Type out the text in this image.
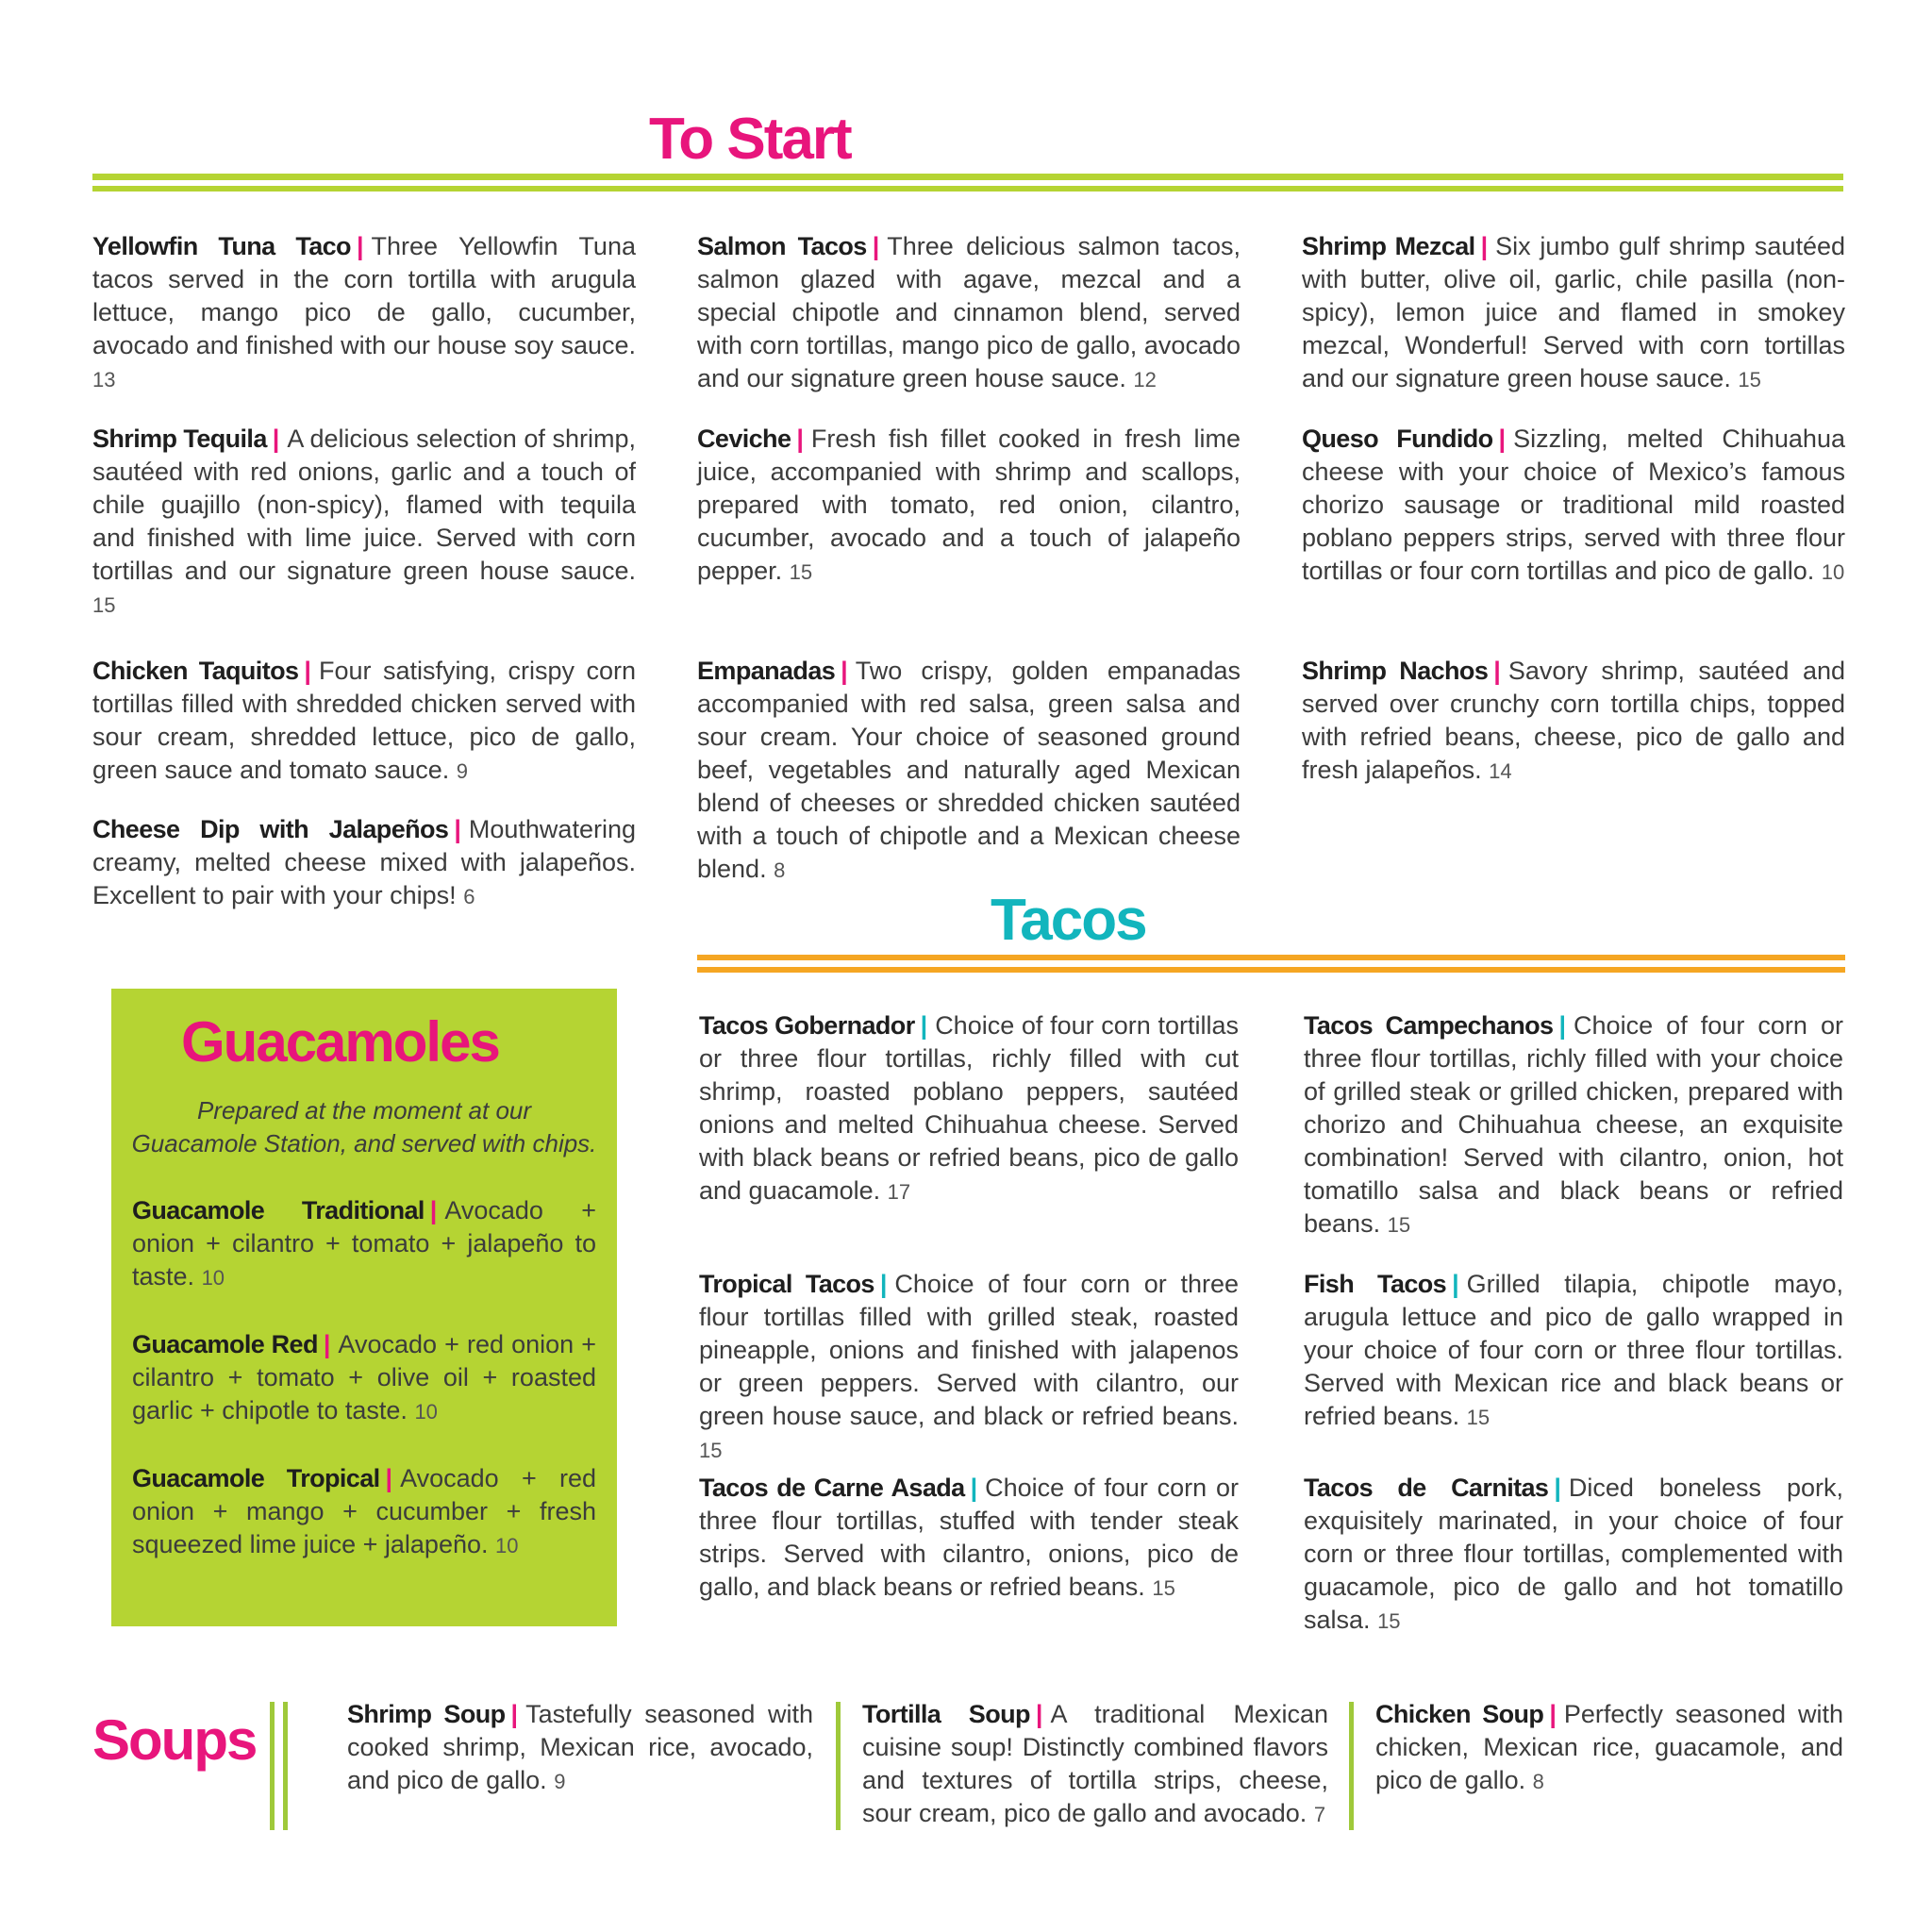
To Start

Yellowfin Tuna Taco | Three Yellowfin Tuna tacos served in the corn tortilla with arugula lettuce, mango pico de gallo, cucumber, avocado and finished with our house soy sauce. 13

Shrimp Tequila | A delicious selection of shrimp, sautéed with red onions, garlic and a touch of chile guajillo (non-spicy), flamed with tequila and finished with lime juice. Served with corn tortillas and our signature green house sauce. 15

Chicken Taquitos | Four satisfying, crispy corn tortillas filled with shredded chicken served with sour cream, shredded lettuce, pico de gallo, green sauce and tomato sauce. 9

Cheese Dip with Jalapeños | Mouthwatering creamy, melted cheese mixed with jalapeños. Excellent to pair with your chips! 6

Salmon Tacos | Three delicious salmon tacos, salmon glazed with agave, mezcal and a special chipotle and cinnamon blend, served with corn tortillas, mango pico de gallo, avocado and our signature green house sauce. 12

Ceviche | Fresh fish fillet cooked in fresh lime juice, accompanied with shrimp and scallops, prepared with tomato, red onion, cilantro, cucumber, avocado and a touch of jalapeño pepper. 15

Empanadas | Two crispy, golden empanadas accompanied with red salsa, green salsa and sour cream. Your choice of seasoned ground beef, vegetables and naturally aged Mexican blend of cheeses or shredded chicken sautéed with a touch of chipotle and a Mexican cheese blend. 8

Shrimp Mezcal | Six jumbo gulf shrimp sautéed with butter, olive oil, garlic, chile pasilla (non-spicy), lemon juice and flamed in smokey mezcal, Wonderful! Served with corn tortillas and our signature green house sauce. 15

Queso Fundido | Sizzling, melted Chihuahua cheese with your choice of Mexico’s famous chorizo sausage or traditional mild roasted poblano peppers strips, served with three flour tortillas or four corn tortillas and pico de gallo. 10

Shrimp Nachos | Savory shrimp, sautéed and served over crunchy corn tortilla chips, topped with refried beans, cheese, pico de gallo and fresh jalapeños. 14

Tacos

Tacos Gobernador | Choice of four corn tortillas or three flour tortillas, richly filled with cut shrimp, roasted poblano peppers, sautéed onions and melted Chihuahua cheese. Served with black beans or refried beans, pico de gallo and guacamole. 17

Tacos Campechanos | Choice of four corn or three flour tortillas, richly filled with your choice of grilled steak or grilled chicken, prepared with chorizo and Chihuahua cheese, an exquisite combination! Served with cilantro, onion, hot tomatillo salsa and black beans or refried beans. 15

Tropical Tacos | Choice of four corn or three flour tortillas filled with grilled steak, roasted pineapple, onions and finished with jalapenos or green peppers. Served with cilantro, our green house sauce, and black or refried beans. 15

Fish Tacos | Grilled tilapia, chipotle mayo, arugula lettuce and pico de gallo wrapped in your choice of four corn or three flour tortillas. Served with Mexican rice and black beans or refried beans. 15

Tacos de Carne Asada | Choice of four corn or three flour tortillas, stuffed with tender steak strips. Served with cilantro, onions, pico de gallo, and black beans or refried beans. 15

Tacos de Carnitas | Diced boneless pork, exquisitely marinated, in your choice of four corn or three flour tortillas, complemented with guacamole, pico de gallo and hot tomatillo salsa. 15

Guacamoles

Prepared at the moment at our
Guacamole Station, and served with chips.

Guacamole Traditional | Avocado + onion + cilantro + tomato + jalapeño to taste. 10

Guacamole Red | Avocado + red onion + cilantro + tomato + olive oil + roasted garlic + chipotle to taste. 10

Guacamole Tropical | Avocado + red onion + mango + cucumber + fresh squeezed lime juice + jalapeño. 10

Soups	Shrimp Soup | Tastefully seasoned with cooked shrimp, Mexican rice, avocado, and pico de gallo. 9

Tortilla Soup | A traditional Mexican cuisine soup! Distinctly combined flavors and textures of tortilla strips, cheese, sour cream, pico de gallo and avocado. 7

Chicken Soup | Perfectly seasoned with chicken, Mexican rice, guacamole, and pico de gallo. 8
